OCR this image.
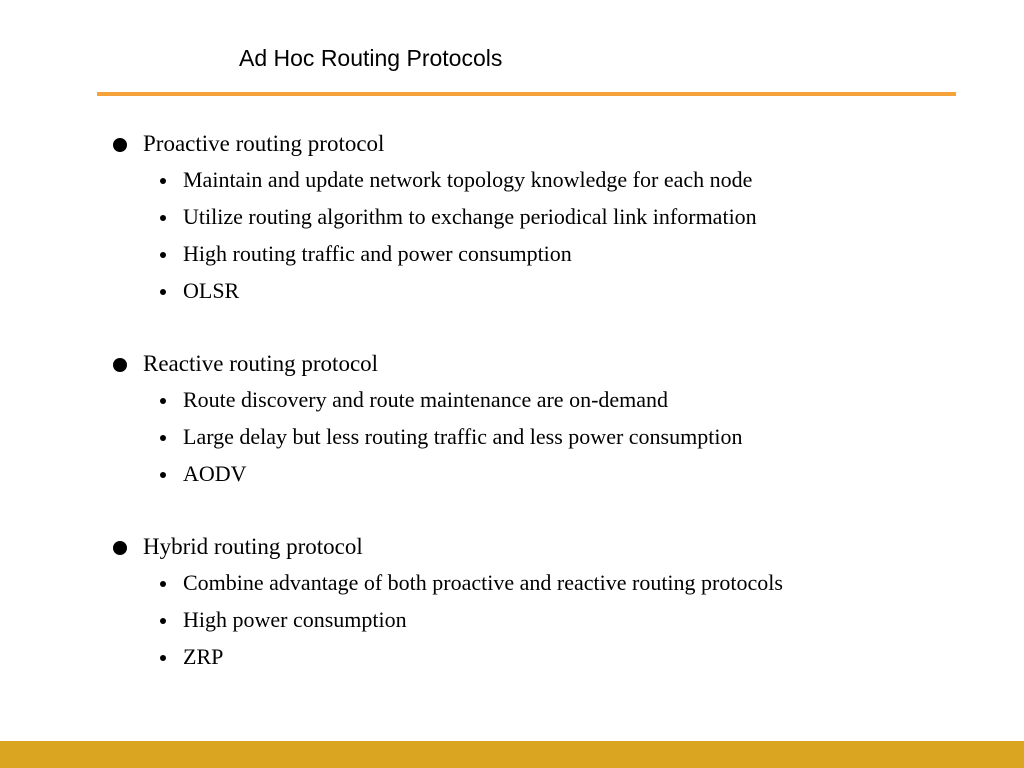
Ad Hoc Routing Protocols
Proactive routing protocol
Maintain and update network topology knowledge for each node
Utilize routing algorithm to exchange periodical link information
High routing traffic and power consumption
OLSR
Reactive routing protocol
Route discovery and route maintenance are on-demand
Large delay but less routing traffic and less power consumption
AODV
Hybrid routing protocol
Combine advantage of both proactive and reactive routing protocols
High power consumption
ZRP
